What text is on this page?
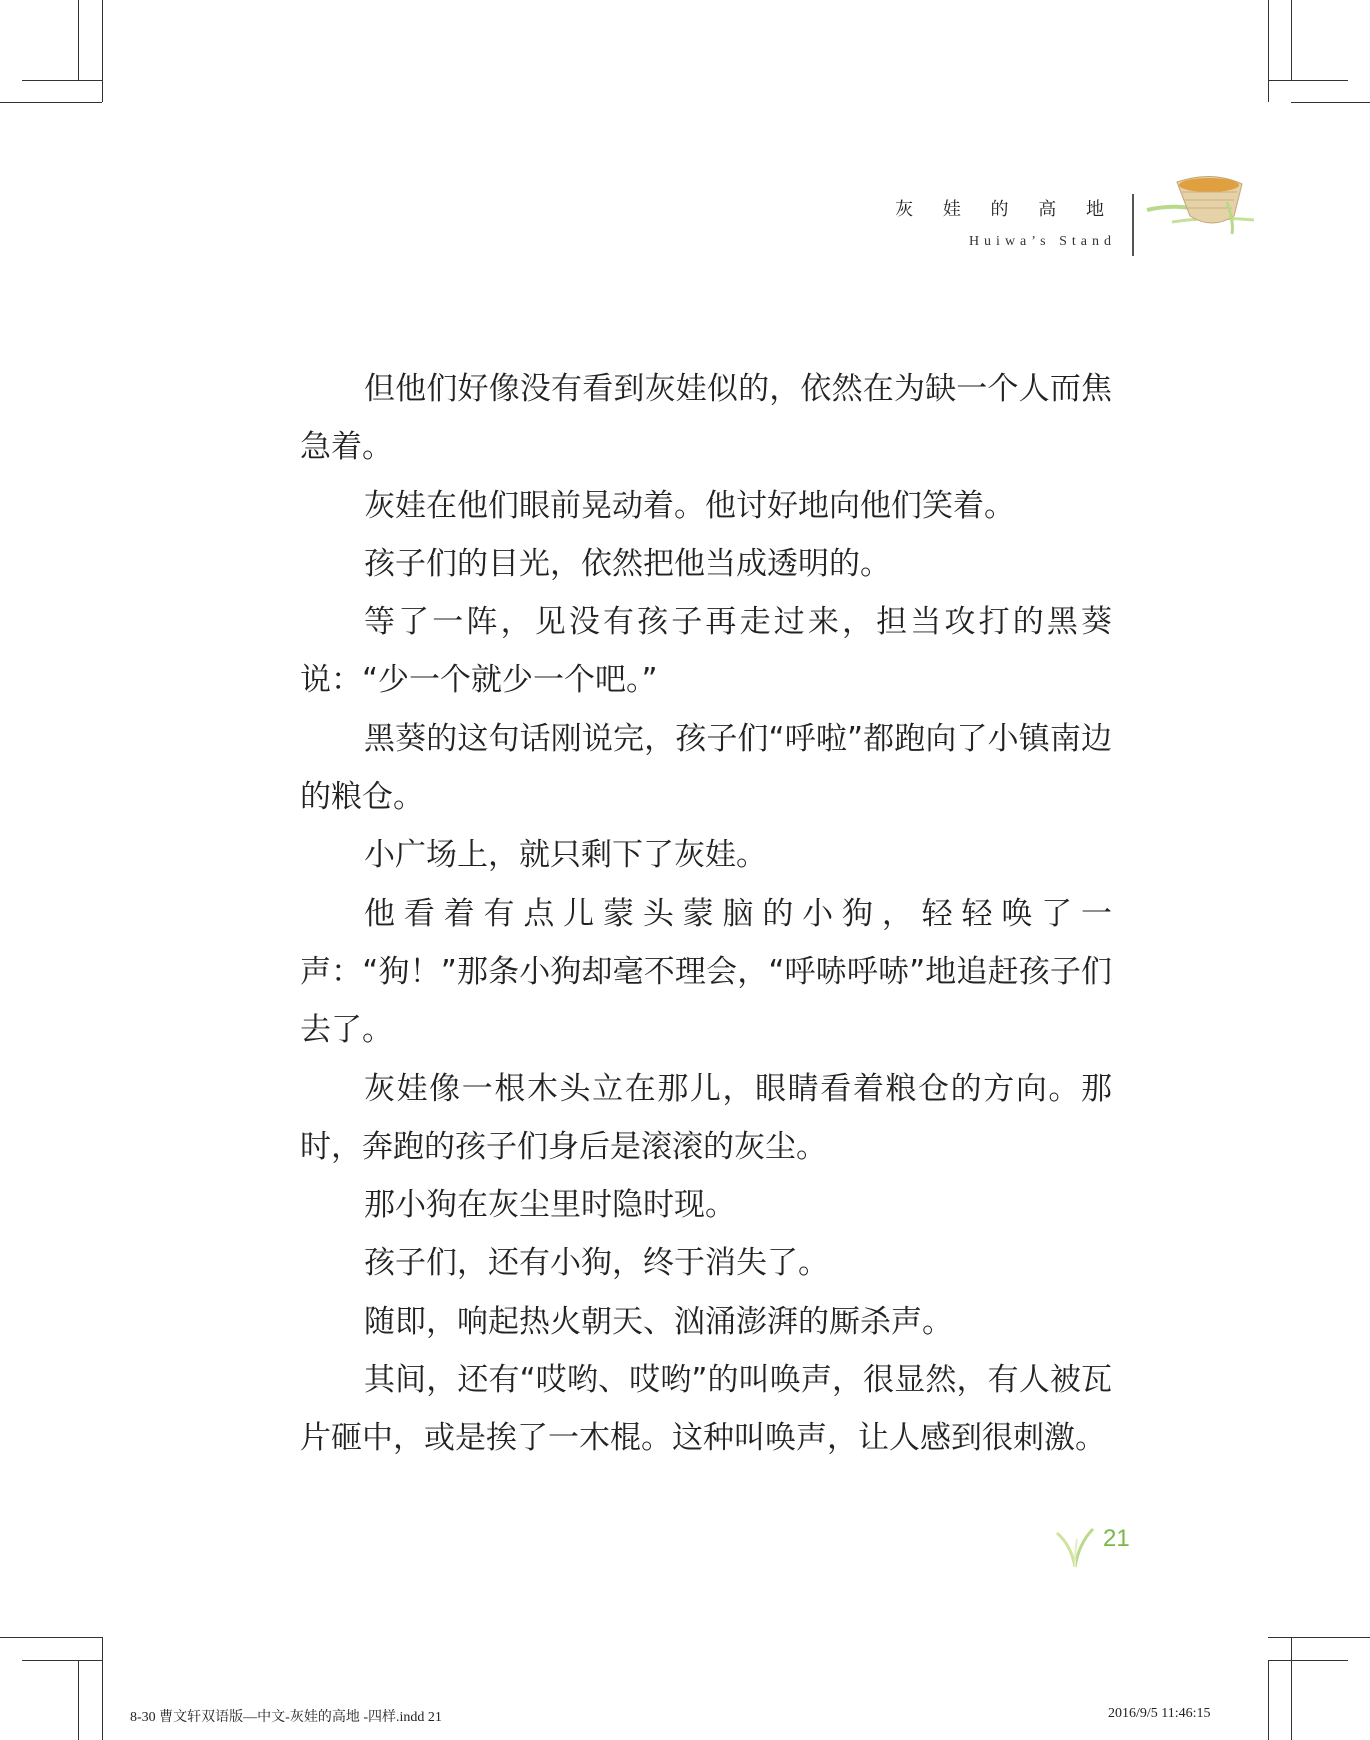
灰 娃 的 高 地
Huiwa’s Stand

但他们好像没有看到灰娃似的，依然在为缺一个人而焦急着。

灰娃在他们眼前晃动着。他讨好地向他们笑着。

孩子们的目光，依然把他当成透明的。

等了一阵，见没有孩子再走过来，担当攻打的黑葵说：“少一个就少一个吧。”

黑葵的这句话刚说完，孩子们“呼啦”都跑向了小镇南边的粮仓。

小广场上，就只剩下了灰娃。

他看着有点儿蒙头蒙脑的小狗，轻轻唤了一声：“狗！”那条小狗却毫不理会，“呼哧呼哧”地追赶孩子们去了。

灰娃像一根木头立在那儿，眼睛看着粮仓的方向。那时，奔跑的孩子们身后是滚滚的灰尘。

那小狗在灰尘里时隐时现。

孩子们，还有小狗，终于消失了。

随即，响起热火朝天、汹涌澎湃的厮杀声。

其间，还有“哎哟、哎哟”的叫唤声，很显然，有人被瓦片砸中，或是挨了一木棍。这种叫唤声，让人感到很刺激。

21
8-30 曹文轩双语版—中文-灰娃的高地 -四样.indd 21	2016/9/5 11:46:15
